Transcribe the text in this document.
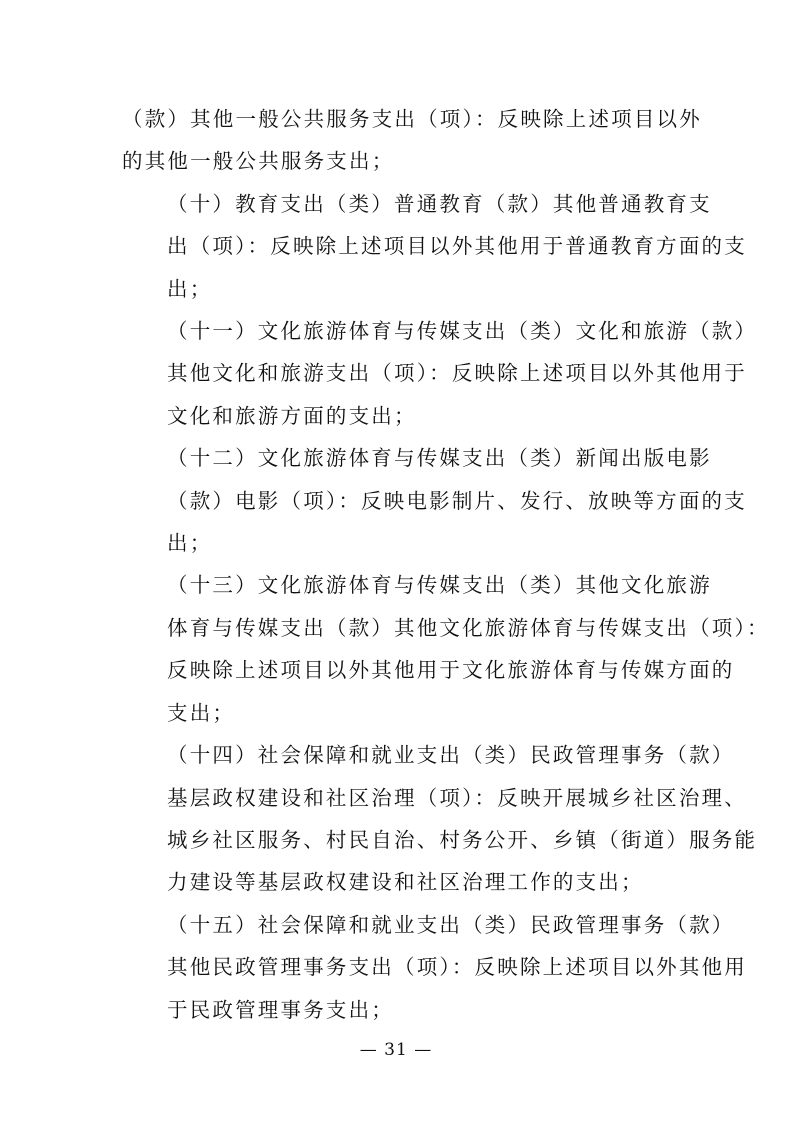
（款）其他一般公共服务支出（项）：反映除上述项目以外
的其他一般公共服务支出；

（十）教育支出（类）普通教育（款）其他普通教育支
出（项）：反映除上述项目以外其他用于普通教育方面的支
出；

（十一）文化旅游体育与传媒支出（类）文化和旅游（款）
其他文化和旅游支出（项）：反映除上述项目以外其他用于
文化和旅游方面的支出；

（十二）文化旅游体育与传媒支出（类）新闻出版电影
（款）电影（项）：反映电影制片、发行、放映等方面的支
出；

（十三）文化旅游体育与传媒支出（类）其他文化旅游
体育与传媒支出（款）其他文化旅游体育与传媒支出（项）：
反映除上述项目以外其他用于文化旅游体育与传媒方面的
支出；

（十四）社会保障和就业支出（类）民政管理事务（款）
基层政权建设和社区治理（项）：反映开展城乡社区治理、
城乡社区服务、村民自治、村务公开、乡镇（街道）服务能
力建设等基层政权建设和社区治理工作的支出；

（十五）社会保障和就业支出（类）民政管理事务（款）
其他民政管理事务支出（项）：反映除上述项目以外其他用
于民政管理事务支出；

— 31 —
